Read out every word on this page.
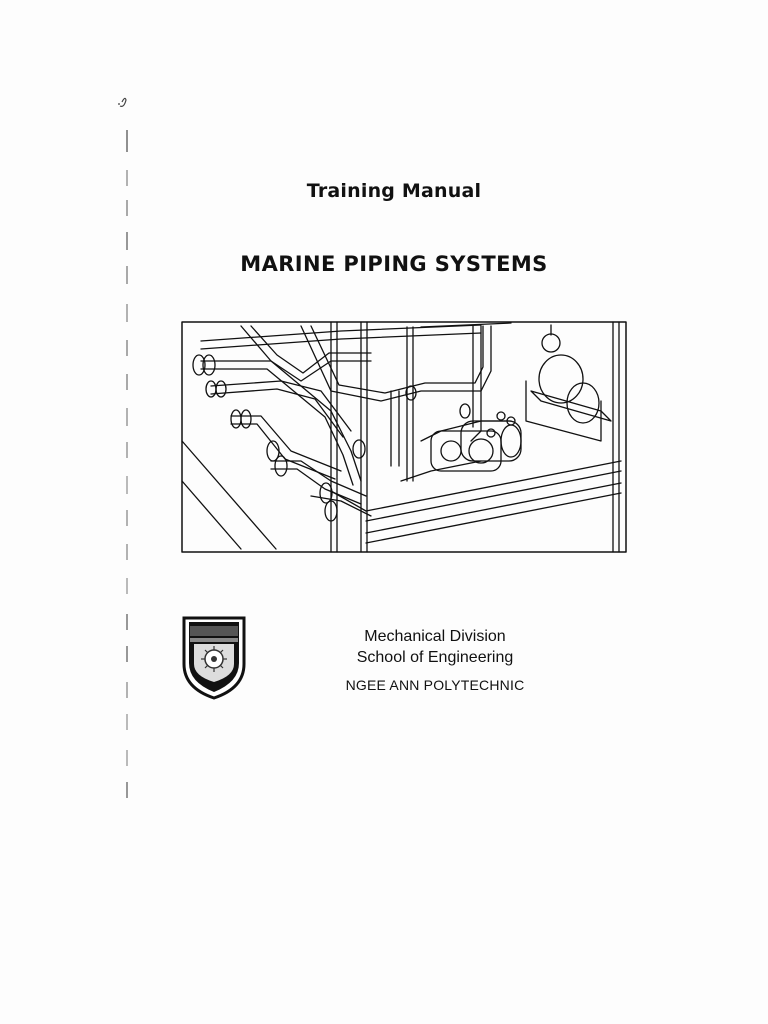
Training Manual
MARINE PIPING SYSTEMS
Mechanical Division
School of Engineering
NGEE ANN POLYTECHNIC
